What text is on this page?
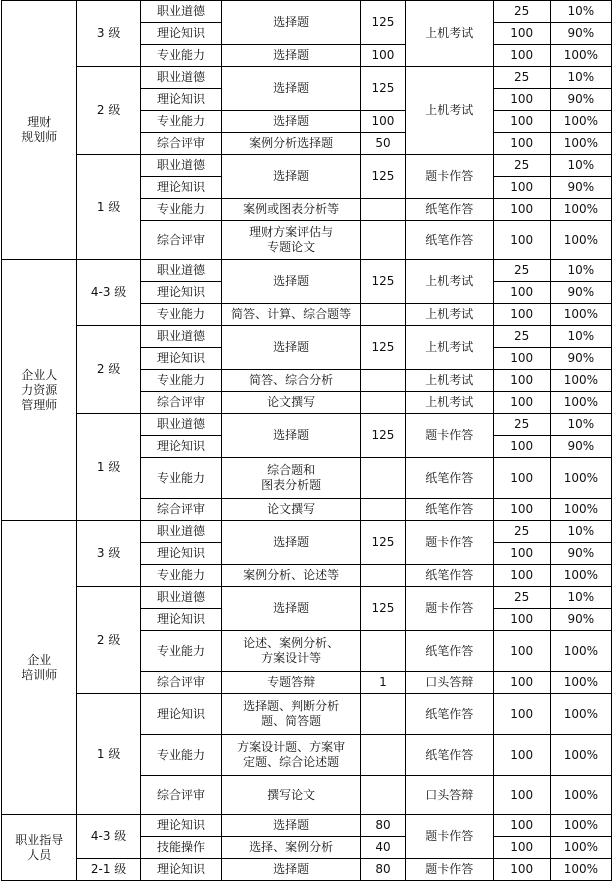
理财
规划师	3 级	职业道德	选择题	125	上机考试	25	10%
		理论知识				100	90%
		专业能力	选择题	100		100	100%
	2 级	职业道德	选择题	125	上机考试	25	10%
		理论知识				100	90%
		专业能力	选择题	100		100	100%
		综合评审	案例分析选择题	50		100	100%
	1 级	职业道德	选择题	125	题卡作答	25	10%
		理论知识				100	90%
		专业能力	案例或图表分析等		纸笔作答	100	100%
		综合评审	理财方案评估与
专题论文		纸笔作答	100	100%
企业人
力资源
管理师	4-3 级	职业道德	选择题	125	上机考试	25	10%
		理论知识				100	90%
		专业能力	简答、计算、综合题等		上机考试	100	100%
	2 级	职业道德	选择题	125	上机考试	25	10%
		理论知识				100	90%
		专业能力	简答、综合分析		上机考试	100	100%
		综合评审	论文撰写		上机考试	100	100%
	1 级	职业道德	选择题	125	题卡作答	25	10%
		理论知识				100	90%
		专业能力	综合题和
图表分析题		纸笔作答	100	100%
		综合评审	论文撰写		纸笔作答	100	100%
企业
培训师	3 级	职业道德	选择题	125	题卡作答	25	10%
		理论知识				100	90%
		专业能力	案例分析、论述等		纸笔作答	100	100%
	2 级	职业道德	选择题	125	题卡作答	25	10%
		理论知识				100	90%
		专业能力	论述、案例分析、
方案设计等		纸笔作答	100	100%
		综合评审	专题答辩	1	口头答辩	100	100%
	1 级	理论知识	选择题、判断分析
题、简答题		纸笔作答	100	100%
		专业能力	方案设计题、方案审
定题、综合论述题		纸笔作答	100	100%
		综合评审	撰写论文		口头答辩	100	100%
职业指导
人员	4-3 级	理论知识	选择题	80	题卡作答	100	100%
		技能操作	选择、案例分析	40		100	100%
	2-1 级	理论知识	选择题	80	题卡作答	100	100%
